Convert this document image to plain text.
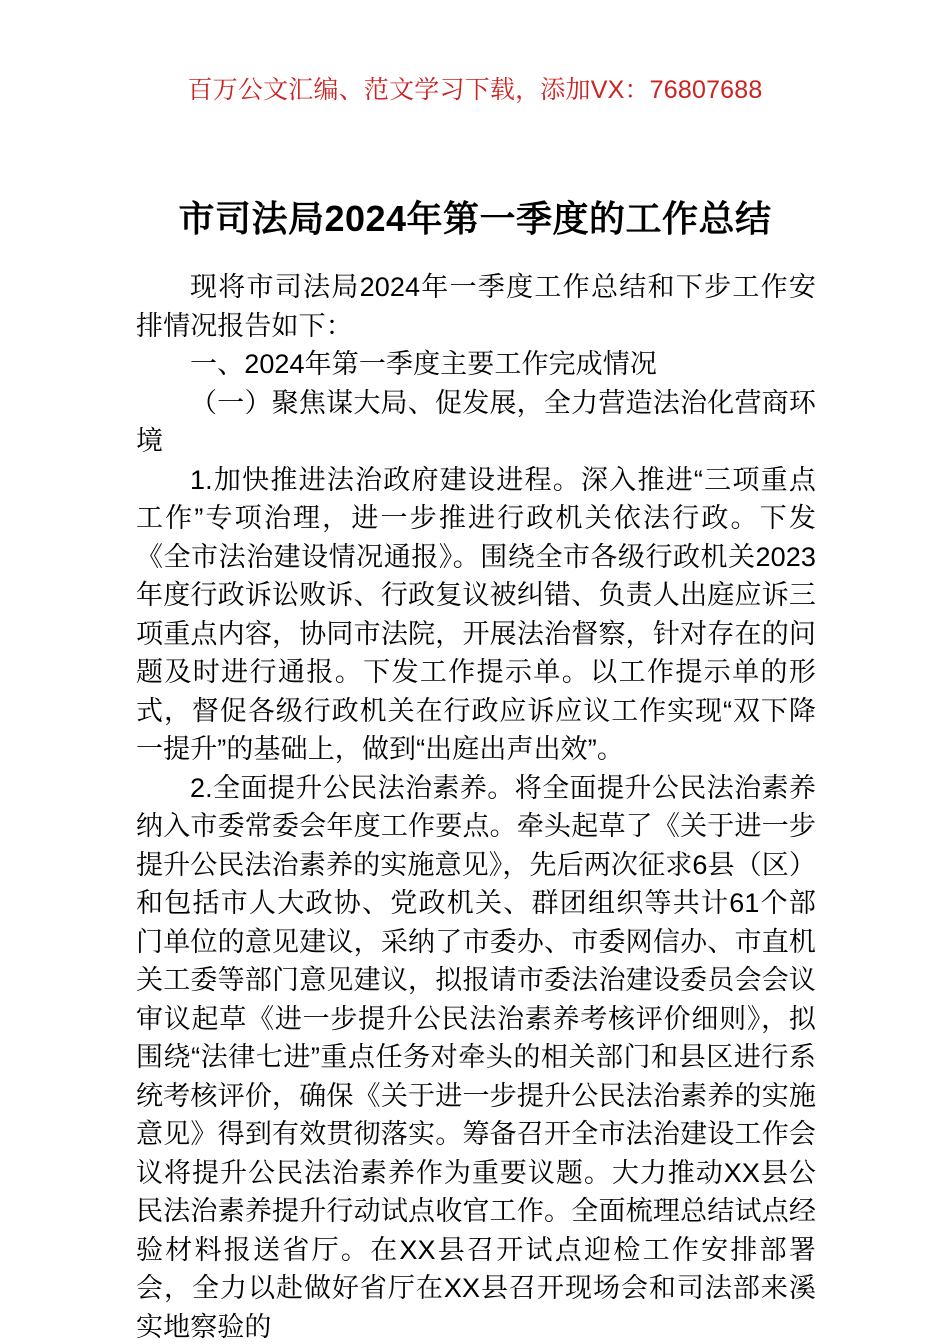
百万公文汇编、范文学习下载，添加VX：76807688
市司法局2024年第一季度的工作总结

现将市司法局2024年一季度工作总结和下步工作安排情况报告如下：

一、2024年第一季度主要工作完成情况

（一）聚焦谋大局、促发展，全力营造法治化营商环境

1.加快推进法治政府建设进程。深入推进“三项重点工作”专项治理，进一步推进行政机关依法行政。下发《全市法治建设情况通报》。围绕全市各级行政机关2023年度行政诉讼败诉、行政复议被纠错、负责人出庭应诉三项重点内容，协同市法院，开展法治督察，针对存在的问题及时进行通报。下发工作提示单。以工作提示单的形式，督促各级行政机关在行政应诉应议工作实现“双下降一提升”的基础上，做到“出庭出声出效”。

2.全面提升公民法治素养。将全面提升公民法治素养纳入市委常委会年度工作要点。牵头起草了《关于进一步提升公民法治素养的实施意见》，先后两次征求6县（区）和包括市人大政协、党政机关、群团组织等共计61个部门单位的意见建议，采纳了市委办、市委网信办、市直机关工委等部门意见建议，拟报请市委法治建设委员会会议审议起草《进一步提升公民法治素养考核评价细则》，拟围绕“法律七进”重点任务对牵头的相关部门和县区进行系统考核评价，确保《关于进一步提升公民法治素养的实施意见》得到有效贯彻落实。筹备召开全市法治建设工作会议将提升公民法治素养作为重要议题。大力推动XX县公民法治素养提升行动试点收官工作。全面梳理总结试点经验材料报送省厅。在XX县召开试点迎检工作安排部署会，全力以赴做好省厅在XX县召开现场会和司法部来溪实地察验的
